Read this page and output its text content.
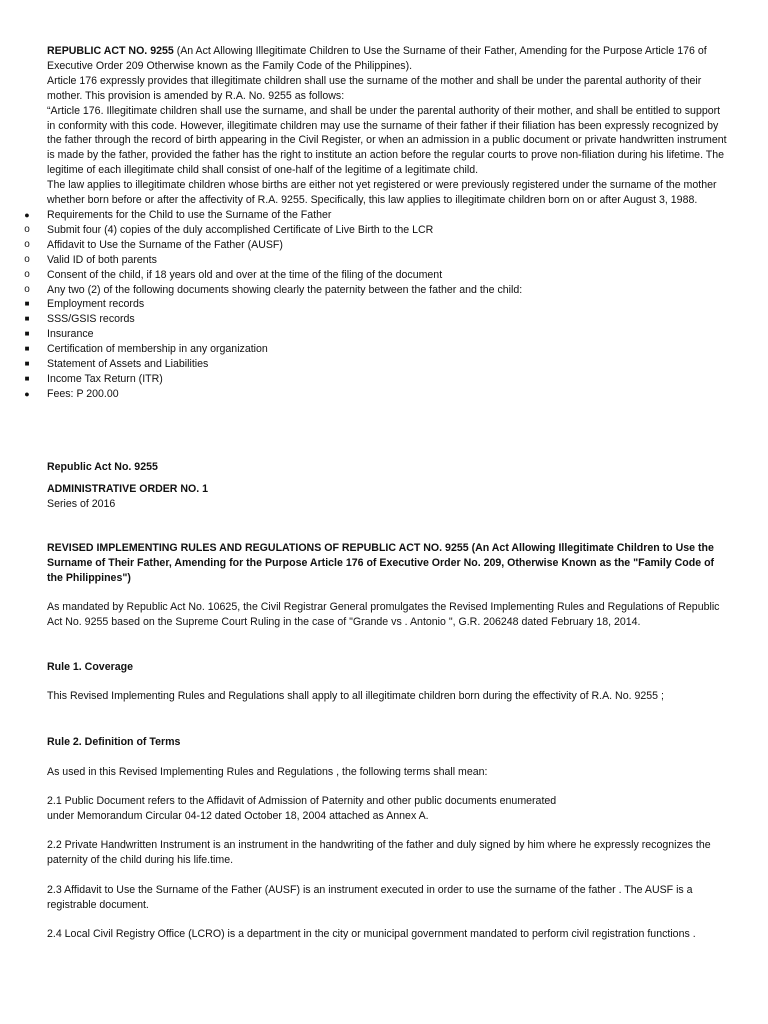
REPUBLIC ACT NO. 9255 (An Act Allowing Illegitimate Children to Use the Surname of their Father, Amending for the Purpose Article 176 of Executive Order 209 Otherwise known as the Family Code of the Philippines).

Article 176 expressly provides that illegitimate children shall use the surname of the mother and shall be under the parental authority of their mother. This provision is amended by R.A. No. 9255 as follows:

“Article 176. Illegitimate children shall use the surname, and shall be under the parental authority of their mother, and shall be entitled to support in conformity with this code. However, illegitimate children may use the surname of their father if their filiation has been expressly recognized by the father through the record of birth appearing in the Civil Register, or when an admission in a public document or private handwritten instrument is made by the father, provided the father has the right to institute an action before the regular courts to prove non-filiation during his lifetime. The legitime of each illegitimate child shall consist of one-half of the legitime of a legitimate child.

The law applies to illegitimate children whose births are either not yet registered or were previously registered under the surname of the mother whether born before or after the affectivity of R.A. 9255. Specifically, this law applies to illegitimate children born on or after August 3, 1988.

●	Requirements for the Child to use the Surname of the Father
o	Submit four (4) copies of the duly accomplished Certificate of Live Birth to the LCR
o	Affidavit to Use the Surname of the Father (AUSF)
o	Valid ID of both parents
o	Consent of the child, if 18 years old and over at the time of the filing of the document
o	Any two (2) of the following documents showing clearly the paternity between the father and the child:
■	Employment records
■	SSS/GSIS records
■	Insurance
■	Certification of membership in any organization
■	Statement of Assets and Liabilities
■	Income Tax Return (ITR)
●	Fees: P 200.00

Republic Act No. 9255

ADMINISTRATIVE ORDER NO. 1

Series of 2016

REVISED IMPLEMENTING RULES AND REGULATIONS OF REPUBLIC ACT NO. 9255 (An Act Allowing Illegitimate Children to Use the Surname of Their Father, Amending for the Purpose Article 176 of Executive Order No. 209, Otherwise Known as the "Family Code of the Philippines")

As mandated by Republic Act No. 10625, the Civil Registrar General promulgates the Revised Implementing Rules and Regulations of Republic Act No. 9255 based on the Supreme Court Ruling in the case of "Grande vs . Antonio ", G.R. 206248 dated February 18, 2014.

Rule 1. Coverage

This Revised Implementing Rules and Regulations shall apply to all illegitimate children born during the effectivity of R.A. No. 9255 ;

Rule 2. Definition of Terms

As used in this Revised Implementing Rules and Regulations , the following terms shall mean:

2.1 Public Document refers to the Affidavit of Admission of Paternity and other public documents enumerated

under Memorandum Circular 04-12 dated October 18, 2004 attached as Annex A.

2.2 Private Handwritten Instrument is an instrument in the handwriting of the father and duly signed by him where he expressly recognizes the paternity of the child during his life.time.

2.3 Affidavit to Use the Surname of the Father (AUSF) is an instrument executed in order to use the surname of the father . The AUSF is a registrable document.

2.4 Local Civil Registry Office (LCRO) is a department in the city or municipal government mandated to perform civil registration functions .
